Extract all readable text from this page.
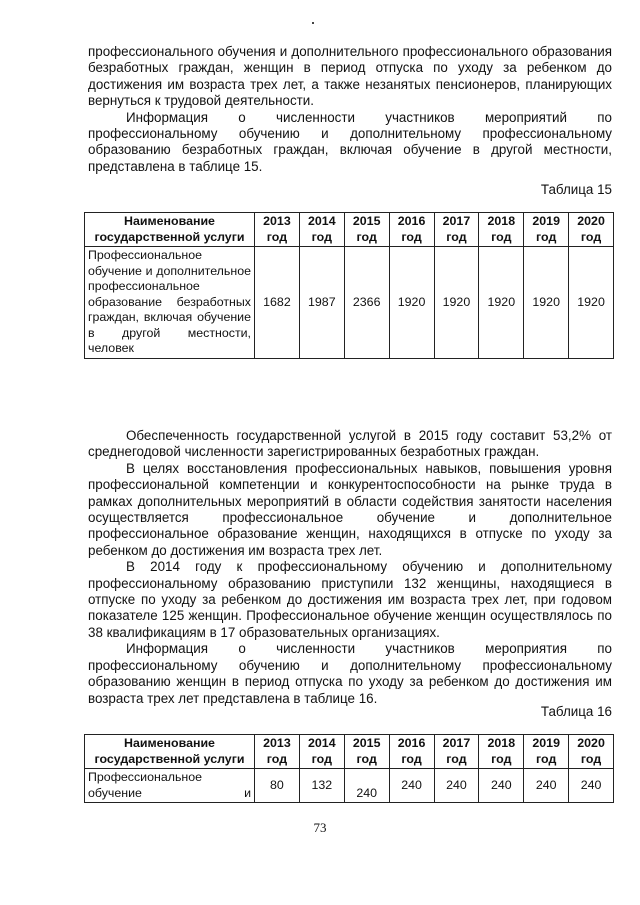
профессионального обучения и дополнительного профессионального образования безработных граждан, женщин в период отпуска по уходу за ребенком до достижения им возраста трех лет, а также незанятых пенсионеров, планирующих вернуться к трудовой деятельности.

Информация о численности участников мероприятий по профессиональному обучению и дополнительному профессиональному образованию безработных граждан, включая обучение в другой местности, представлена в таблице 15.

Таблица 15
Наименование государственной услуги	2013 год	2014 год	2015 год	2016 год	2017 год	2018 год	2019 год	2020 год
Профессиональное обучение и дополнительное профессиональное образование безработных граждан, включая обучение в другой местности, человек	1682	1987	2366	1920	1920	1920	1920	1920

Обеспеченность государственной услугой в 2015 году составит 53,2% от среднегодовой численности зарегистрированных безработных граждан.

В целях восстановления профессиональных навыков, повышения уровня профессиональной компетенции и конкурентоспособности на рынке труда в рамках дополнительных мероприятий в области содействия занятости населения осуществляется профессиональное обучение и дополнительное профессиональное образование женщин, находящихся в отпуске по уходу за ребенком до достижения им возраста трех лет.

В 2014 году к профессиональному обучению и дополнительному профессиональному образованию приступили 132 женщины, находящиеся в отпуске по уходу за ребенком до достижения им возраста трех лет, при годовом показателе 125 женщин. Профессиональное обучение женщин осуществлялось по 38 квалификациям в 17 образовательных организациях.

Информация о численности участников мероприятия по профессиональному обучению и дополнительному профессиональному образованию женщин в период отпуска по уходу за ребенком до достижения им возраста трех лет представлена в таблице 16.

Таблица 16
Наименование государственной услуги	2013 год	2014 год	2015 год	2016 год	2017 год	2018 год	2019 год	2020 год
Профессиональное обучение и	80	132	240	240	240	240	240	240
73
